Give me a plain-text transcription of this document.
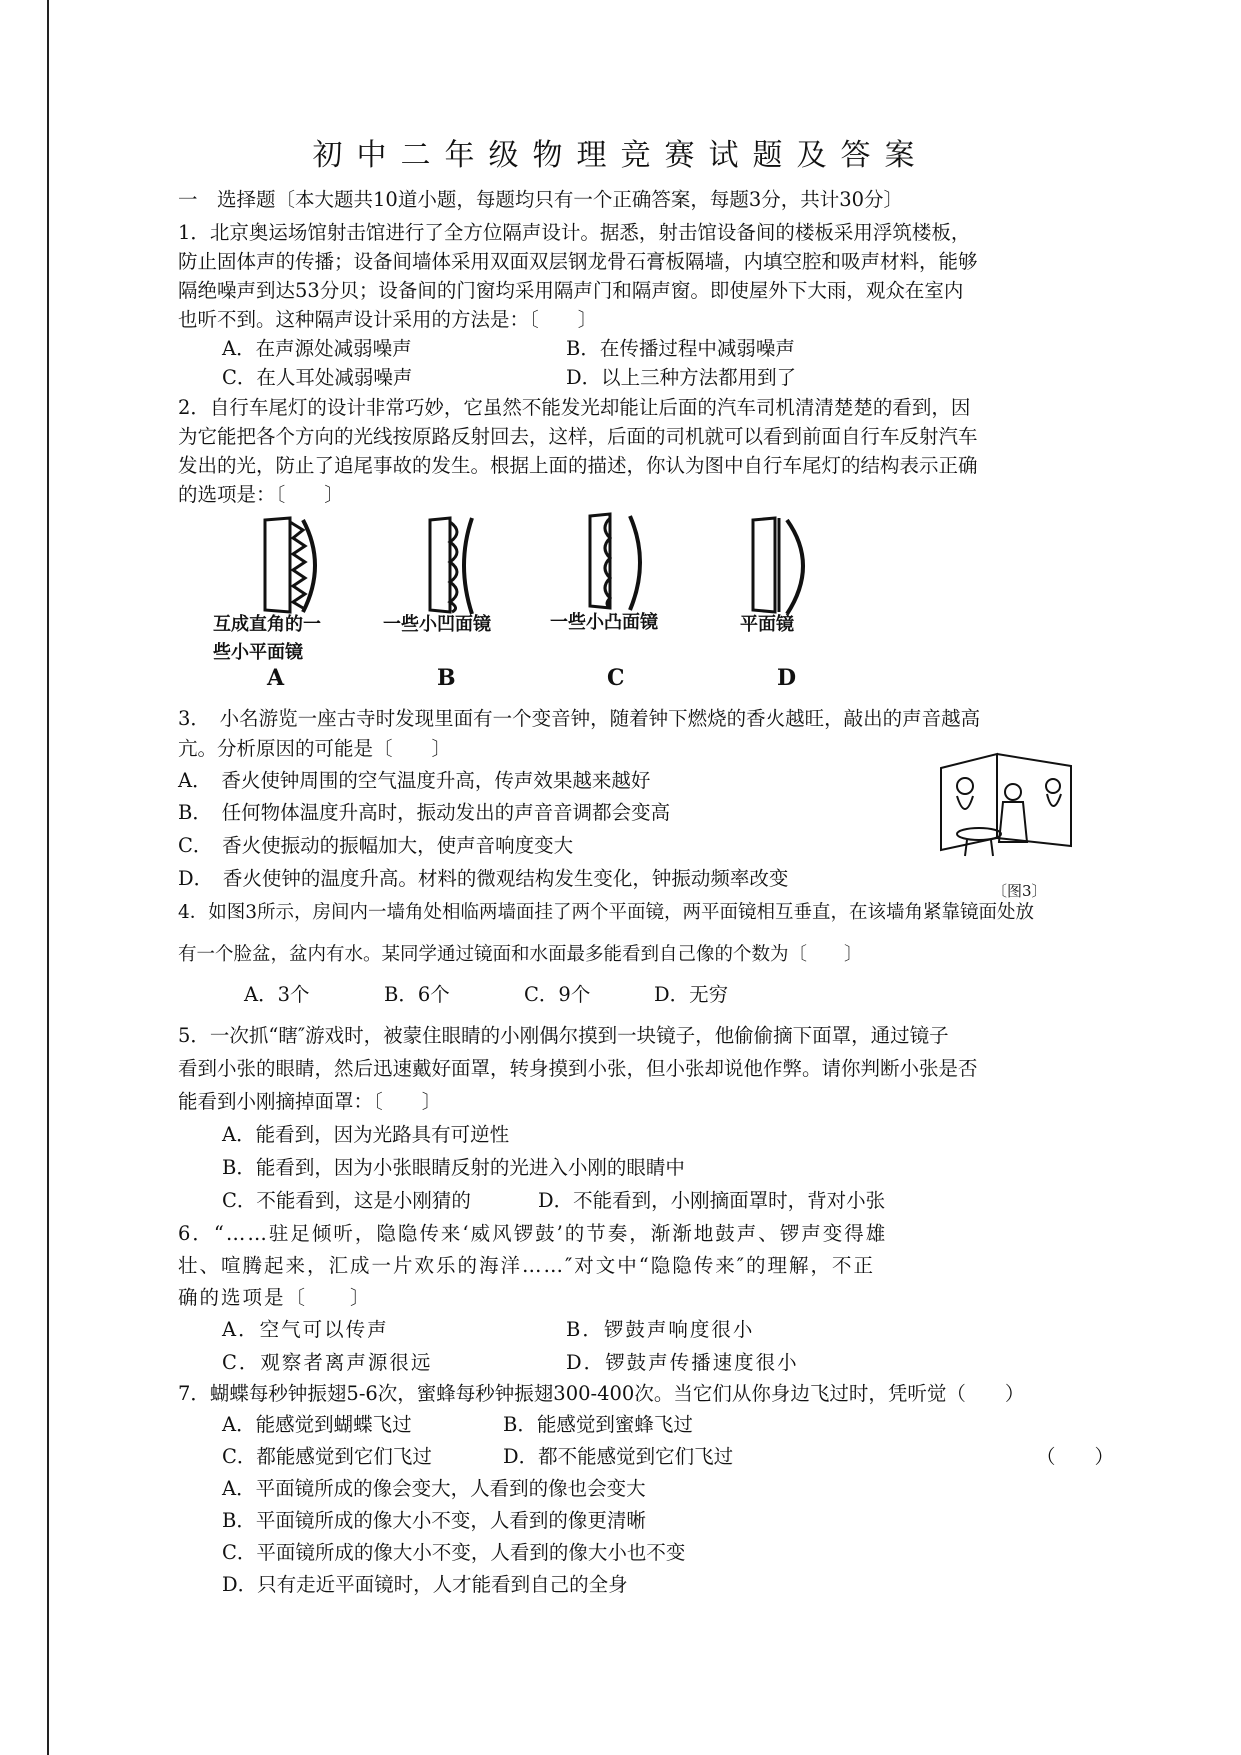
初中二年级物理竞赛试题及答案
一　选择题〔本大题共10道小题，每题均只有一个正确答案，每题3分，共计30分〕
1．北京奥运场馆射击馆进行了全方位隔声设计。据悉，射击馆设备间的楼板采用浮筑楼板，
防止固体声的传播；设备间墙体采用双面双层钢龙骨石膏板隔墙，内填空腔和吸声材料，能够
隔绝噪声到达53分贝；设备间的门窗均采用隔声门和隔声窗。即使屋外下大雨，观众在室内
也听不到。这种隔声设计采用的方法是：〔　　〕
A．在声源处减弱噪声	B．在传播过程中减弱噪声
C．在人耳处减弱噪声	D．以上三种方法都用到了
2．自行车尾灯的设计非常巧妙，它虽然不能发光却能让后面的汽车司机清清楚楚的看到，因
为它能把各个方向的光线按原路反射回去，这样，后面的司机就可以看到前面自行车反射汽车
发出的光，防止了追尾事故的发生。根据上面的描述，你认为图中自行车尾灯的结构表示正确
的选项是：〔　　〕
互成直角的一
些小平面镜
一些小凹面镜	一些小凸面镜	平面镜
A	B	C	D
3．　小名游览一座古寺时发现里面有一个变音钟，随着钟下燃烧的香火越旺，敲出的声音越高
亢。分析原因的可能是〔　　〕
A．　香火使钟周围的空气温度升高，传声效果越来越好
B．　任何物体温度升高时，振动发出的声音音调都会变高
C．　香火使振动的振幅加大，使声音响度变大
D．　香火使钟的温度升高。材料的微观结构发生变化，钟振动频率改变
〔图3〕
4．如图3所示，房间内一墙角处相临两墙面挂了两个平面镜，两平面镜相互垂直，在该墙角紧靠镜面处放
有一个脸盆，盆内有水。某同学通过镜面和水面最多能看到自己像的个数为〔　　〕
A．3个	B．6个	C．9个	D．无穷
5．一次抓“瞎″游戏时，被蒙住眼睛的小刚偶尔摸到一块镜子，他偷偷摘下面罩，通过镜子
看到小张的眼睛，然后迅速戴好面罩，转身摸到小张，但小张却说他作弊。请你判断小张是否
能看到小刚摘掉面罩：〔　　〕
A．能看到，因为光路具有可逆性
B．能看到，因为小张眼睛反射的光进入小刚的眼睛中
C．不能看到，这是小刚猜的	D．不能看到，小刚摘面罩时，背对小张
6．“……驻足倾听，隐隐传来‘威风锣鼓’的节奏，渐渐地鼓声、锣声变得雄
壮、喧腾起来，汇成一片欢乐的海洋……″对文中“隐隐传来″的理解，不正
确的选项是〔　　〕
A．空气可以传声	B．锣鼓声响度很小
C．观察者离声源很远	D．锣鼓声传播速度很小
7．蝴蝶每秒钟振翅5-6次，蜜蜂每秒钟振翅300-400次。当它们从你身边飞过时，凭听觉（　　）
A．能感觉到蝴蝶飞过	B．能感觉到蜜蜂飞过
C．都能感觉到它们飞过	D．都不能感觉到它们飞过	（　　）
A．平面镜所成的像会变大，人看到的像也会变大
B．平面镜所成的像大小不变，人看到的像更清晰
C．平面镜所成的像大小不变，人看到的像大小也不变
D．只有走近平面镜时，人才能看到自己的全身
